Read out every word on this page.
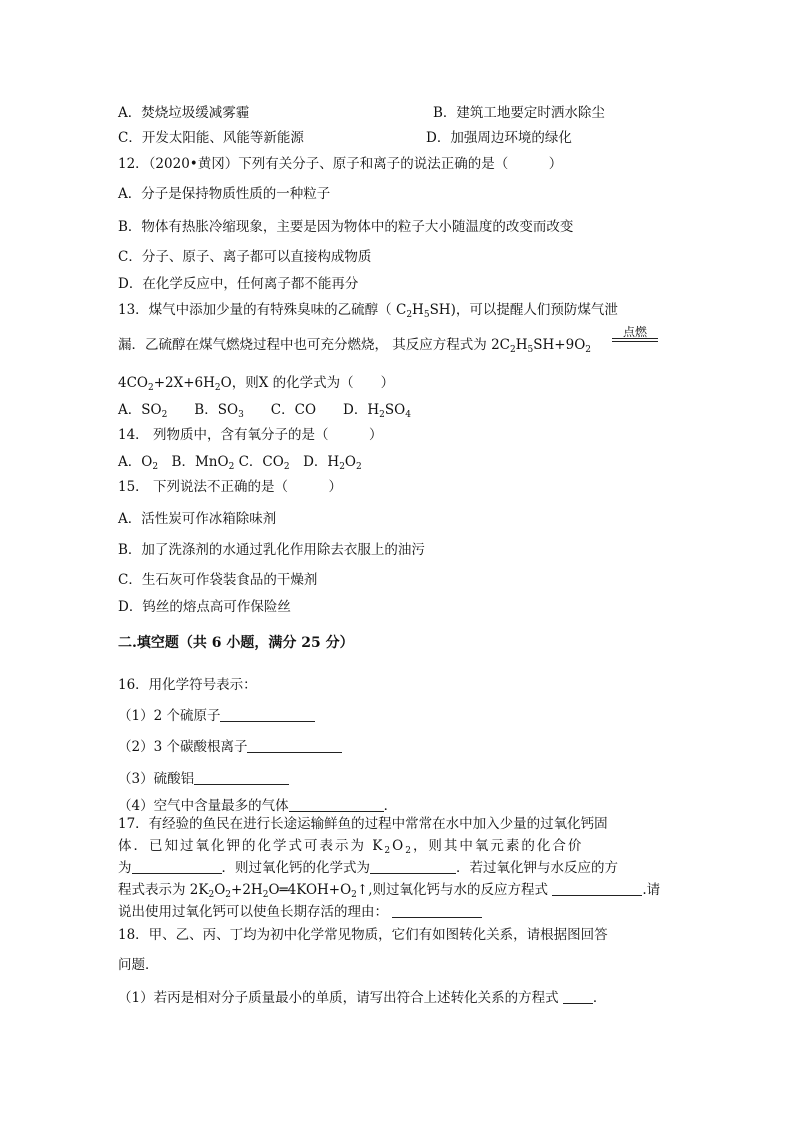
A．焚烧垃圾缓减雾霾	B．建筑工地要定时洒水除尘
C．开发太阳能、风能等新能源	D．加强周边环境的绿化
12．（2020•黄冈）下列有关分子、原子和离子的说法正确的是（　　　）
A．分子是保持物质性质的一种粒子
B．物体有热胀冷缩现象，主要是因为物体中的粒子大小随温度的改变而改变
C．分子、原子、离子都可以直接构成物质
D．在化学反应中，任何离子都不能再分
13．煤气中添加少量的有特殊臭味的乙硫醇（ $C_2H_5SH$)，可以提醒人们预防煤气泄
漏．乙硫醇在煤气燃烧过程中也可充分燃烧， 其反应方程式为 $2C_2H_5SH+9O_2$
点燃
$4CO_2+2X+6H_2O$，则X 的化学式为（　　）
A．$SO_2$　　B．$SO_3$　　C．CO　　D．$H_2SO_4$
14． 列物质中，含有氧分子的是（　　　）
A．$O_2$　B．MnO$_2$ C．$CO_2$　D．$H_2O_2$
15． 下列说法不正确的是（　　　）
A．活性炭可作冰箱除味剂
B．加了洗涤剂的水通过乳化作用除去衣服上的油污
C．生石灰可作袋装食品的干燥剂
D．钨丝的熔点高可作保险丝
二.填空题（共 6 小题，满分 25 分）
16．用化学符号表示：
（1）2 个硫原子
（2）3 个碳酸根离子
（3）硫酸铝
（4）空气中含量最多的气体	．
17．有经验的鱼民在进行长途运输鲜鱼的过程中常常在水中加入少量的过氧化钙固
体．已知过氧化钾的化学式可表示为 $K_2O_2$，则其中氧元素的化合价
为	．则过氧化钙的化学式为	．若过氧化钾与水反应的方
程式表示为 $2K_2O_2+2H_2O═4KOH+O_2↑$,则过氧化钙与水的反应方程式	.请
说出使用过氧化钙可以使鱼长期存活的理由：
18．甲、乙、丙、丁均为初中化学常见物质，它们有如图转化关系，请根据图回答
问题．
（1）若丙是相对分子质量最小的单质，请写出符合上述转化关系的方程式	．
